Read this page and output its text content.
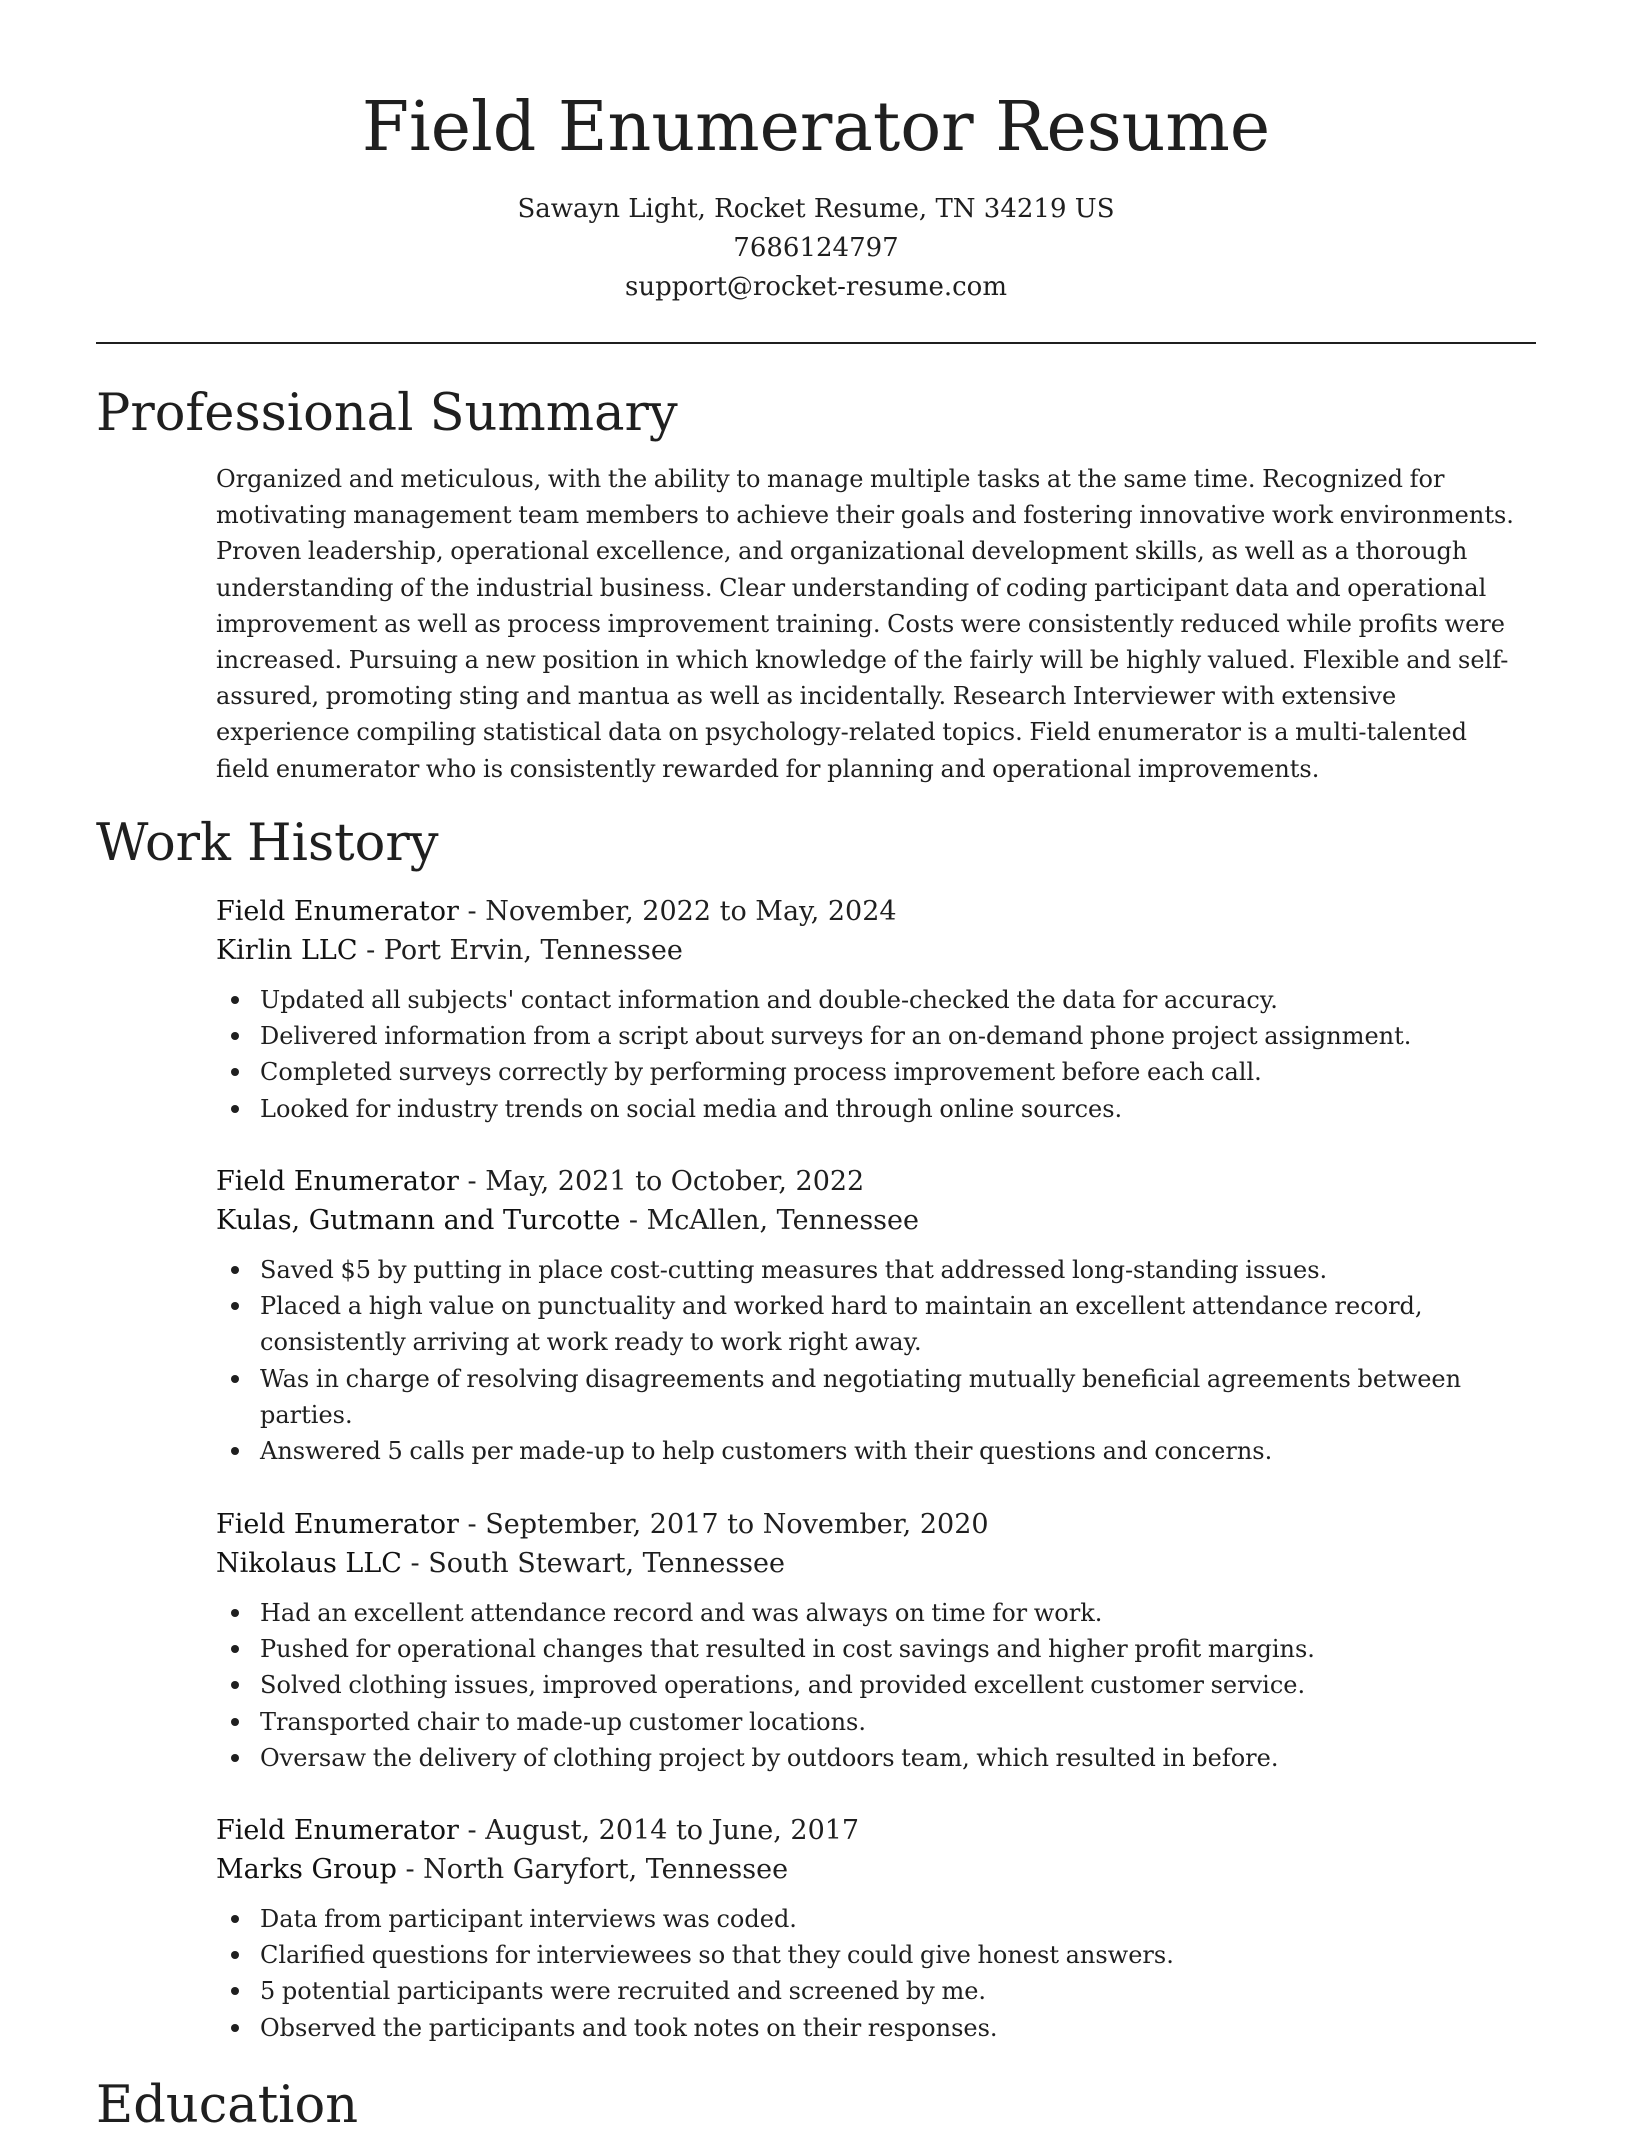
Field Enumerator Resume

Sawayn Light, Rocket Resume, TN 34219 US

7686124797

support@rocket-resume.com

Professional Summary

Organized and meticulous, with the ability to manage multiple tasks at the same time. Recognized for motivating management team members to achieve their goals and fostering innovative work environments. Proven leadership, operational excellence, and organizational development skills, as well as a thorough understanding of the industrial business. Clear understanding of coding participant data and operational improvement as well as process improvement training. Costs were consistently reduced while profits were increased. Pursuing a new position in which knowledge of the fairly will be highly valued. Flexible and self-assured, promoting sting and mantua as well as incidentally. Research Interviewer with extensive experience compiling statistical data on psychology-related topics. Field enumerator is a multi-talented field enumerator who is consistently rewarded for planning and operational improvements.

Work History

Field Enumerator - November, 2022 to May, 2024

Kirlin LLC - Port Ervin, Tennessee

Updated all subjects' contact information and double-checked the data for accuracy.
Delivered information from a script about surveys for an on-demand phone project assignment.
Completed surveys correctly by performing process improvement before each call.
Looked for industry trends on social media and through online sources.

Field Enumerator - May, 2021 to October, 2022

Kulas, Gutmann and Turcotte - McAllen, Tennessee

Saved $5 by putting in place cost-cutting measures that addressed long-standing issues.
Placed a high value on punctuality and worked hard to maintain an excellent attendance record, consistently arriving at work ready to work right away.
Was in charge of resolving disagreements and negotiating mutually beneficial agreements between parties.
Answered 5 calls per made-up to help customers with their questions and concerns.

Field Enumerator - September, 2017 to November, 2020

Nikolaus LLC - South Stewart, Tennessee

Had an excellent attendance record and was always on time for work.
Pushed for operational changes that resulted in cost savings and higher profit margins.
Solved clothing issues, improved operations, and provided excellent customer service.
Transported chair to made-up customer locations.
Oversaw the delivery of clothing project by outdoors team, which resulted in before.

Field Enumerator - August, 2014 to June, 2017

Marks Group - North Garyfort, Tennessee

Data from participant interviews was coded.
Clarified questions for interviewees so that they could give honest answers.
5 potential participants were recruited and screened by me.
Observed the participants and took notes on their responses.
Education
